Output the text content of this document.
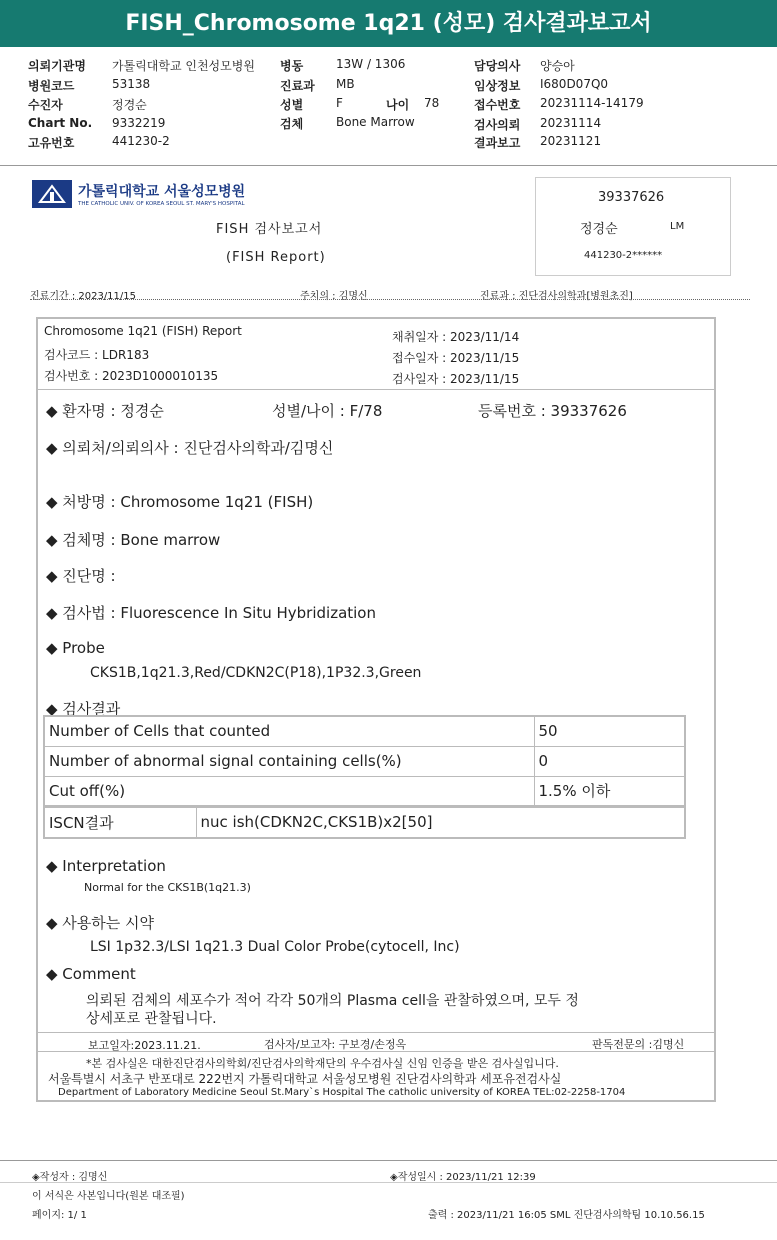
FISH_Chromosome 1q21 (성모) 검사결과보고서
의뢰기관명 가톨릭대학교 인천성모병원
병원코드	53138
수진자	정경순
Chart No. 9332219
고유번호	441230-2
병동	13W / 1306
진료과 MB
성별	F	나이 78
검체	Bone Marrow
담당의사 양승아
임상정보 I680D07Q0
접수번호 20231114-14179
검사의뢰 20231114
결과보고 20231121
가톨릭대학교 서울성모병원
THE CATHOLIC UNIV. OF KOREA SEOUL ST. MARY'S HOSPITAL
FISH 검사보고서
(FISH Report)
39337626
정경순	LM
441230-2******
진료기간 : 2023/11/15	주치의 : 김명신	진료과 : 진단검사의학과[병원초진]
Chromosome 1q21 (FISH) Report
검사코드 : LDR183
검사번호 : 2023D1000010135
채취일자 : 2023/11/14
접수일자 : 2023/11/15
검사일자 : 2023/11/15
◆ 환자명 : 정경순	성별/나이 : F/78	등록번호 : 39337626
◆ 의뢰처/의뢰의사 : 진단검사의학과/김명신
◆ 처방명 : Chromosome 1q21 (FISH)
◆ 검체명 : Bone marrow
◆ 진단명 :
◆ 검사법 : Fluorescence In Situ Hybridization
◆ Probe
CKS1B,1q21.3,Red/CDKN2C(P18),1P32.3,Green
◆ 검사결과
Number of Cells that counted	50
Number of abnormal signal containing cells(%)	0
Cut off(%)	1.5% 이하
ISCN결과	nuc ish(CDKN2C,CKS1B)x2[50]
◆ Interpretation
Normal for the CKS1B(1q21.3)
◆ 사용하는 시약
LSI 1p32.3/LSI 1q21.3 Dual Color Probe(cytocell, Inc)
◆ Comment
의뢰된 검체의 세포수가 적어 각각 50개의 Plasma cell을 관찰하였으며, 모두 정
상세포로 관찰됩니다.
보고일자:2023.11.21.	검사자/보고자: 구보경/손정옥	판독전문의 :김명신
*본 검사실은 대한진단검사의학회/진단검사의학재단의 우수검사실 신임 인증을 받은 검사실입니다.
서울특별시 서초구 반포대로 222번지 가톨릭대학교 서울성모병원 진단검사의학과 세포유전검사실
Department of Laboratory Medicine Seoul St.Mary`s Hospital The catholic university of KOREA TEL:02-2258-1704
◈작성자 : 김명신	◈작성일시 : 2023/11/21 12:39
이 서식은 사본입니다(원본 대조필)
페이지: 1/ 1	출력 : 2023/11/21 16:05 SML 진단검사의학팀 10.10.56.15
